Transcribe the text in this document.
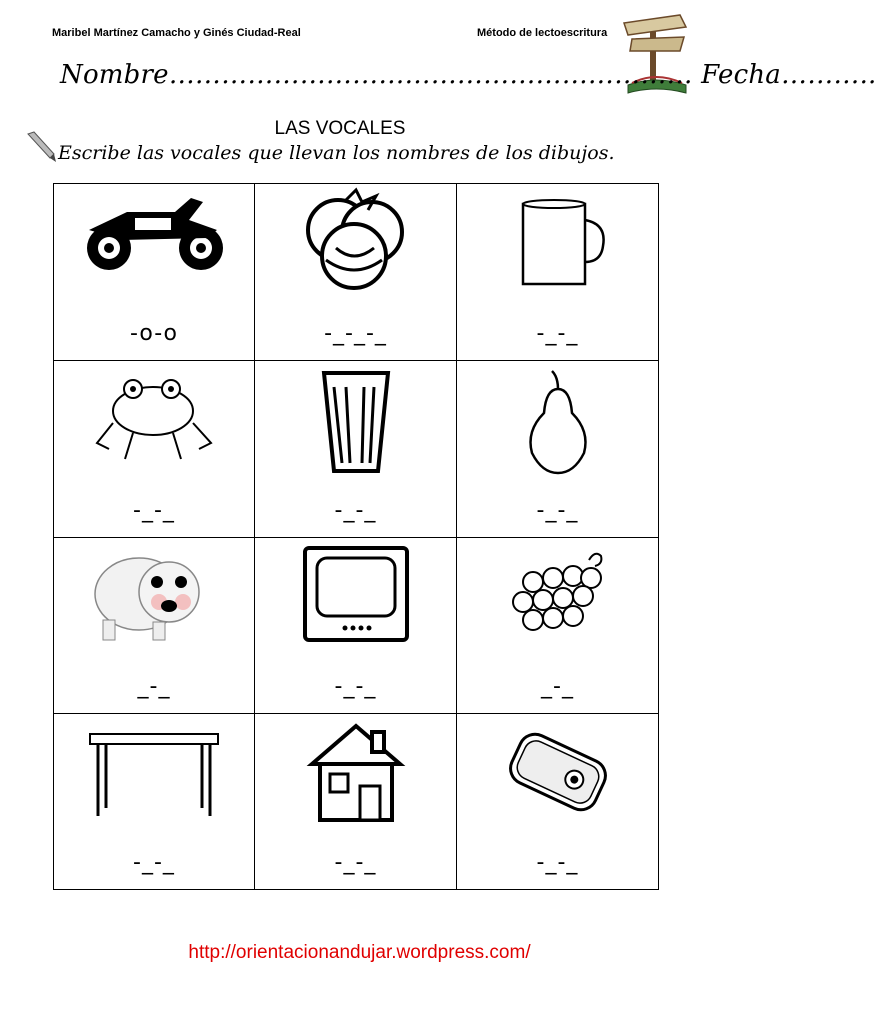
Maribel Martínez Camacho y Ginés Ciudad-Real	Método de lectoescritura
Nombre…………………………………………………… Fecha………..
LAS VOCALES
Escribe las vocales que llevan los nombres de los dibujos.
-o-o	-_-_-_	-_-_
-_-_	-_-_	-_-_
_-_	-_-_	_-_
-_-_	-_-_	-_-_
http://orientacionandujar.wordpress.com/
